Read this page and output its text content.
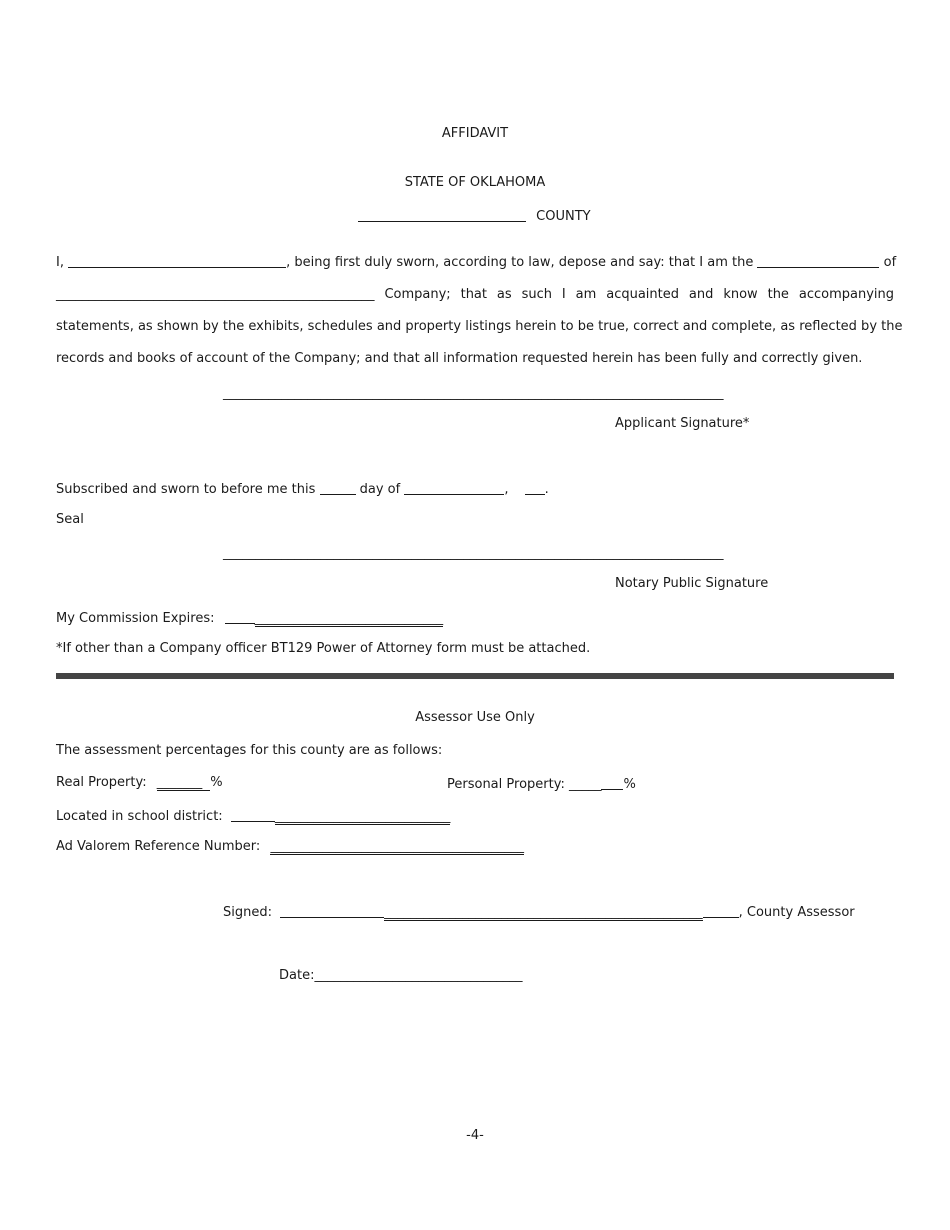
AFFIDAVIT
STATE OF OKLAHOMA
COUNTY
I,	, being first duly sworn, according to law, depose and say: that I am the	of
_________________________________________________ Company; that as such I am acquainted and know the accompanying
statements, as shown by the exhibits, schedules and property listings herein to be true, correct and complete, as reflected by the
records and books of account of the Company; and that all information requested herein has been fully and correctly given.
_____________________________________________________________________________
Applicant Signature*
Subscribed and sworn to before me this	day of	,	.
Seal
_____________________________________________________________________________
Notary Public Signature
My Commission Expires:	_____________________________
*If other than a Company officer BT129 Power of Attorney form must be attached.
Assessor Use Only
The assessment percentages for this county are as follows:
Real Property: _______ %	Personal Property: _____ %
Located in school district:	___________________________
Ad Valorem Reference Number: _______________________________________
Signed:	_________________________________________________	, County Assessor
Date:________________________________
-4-
